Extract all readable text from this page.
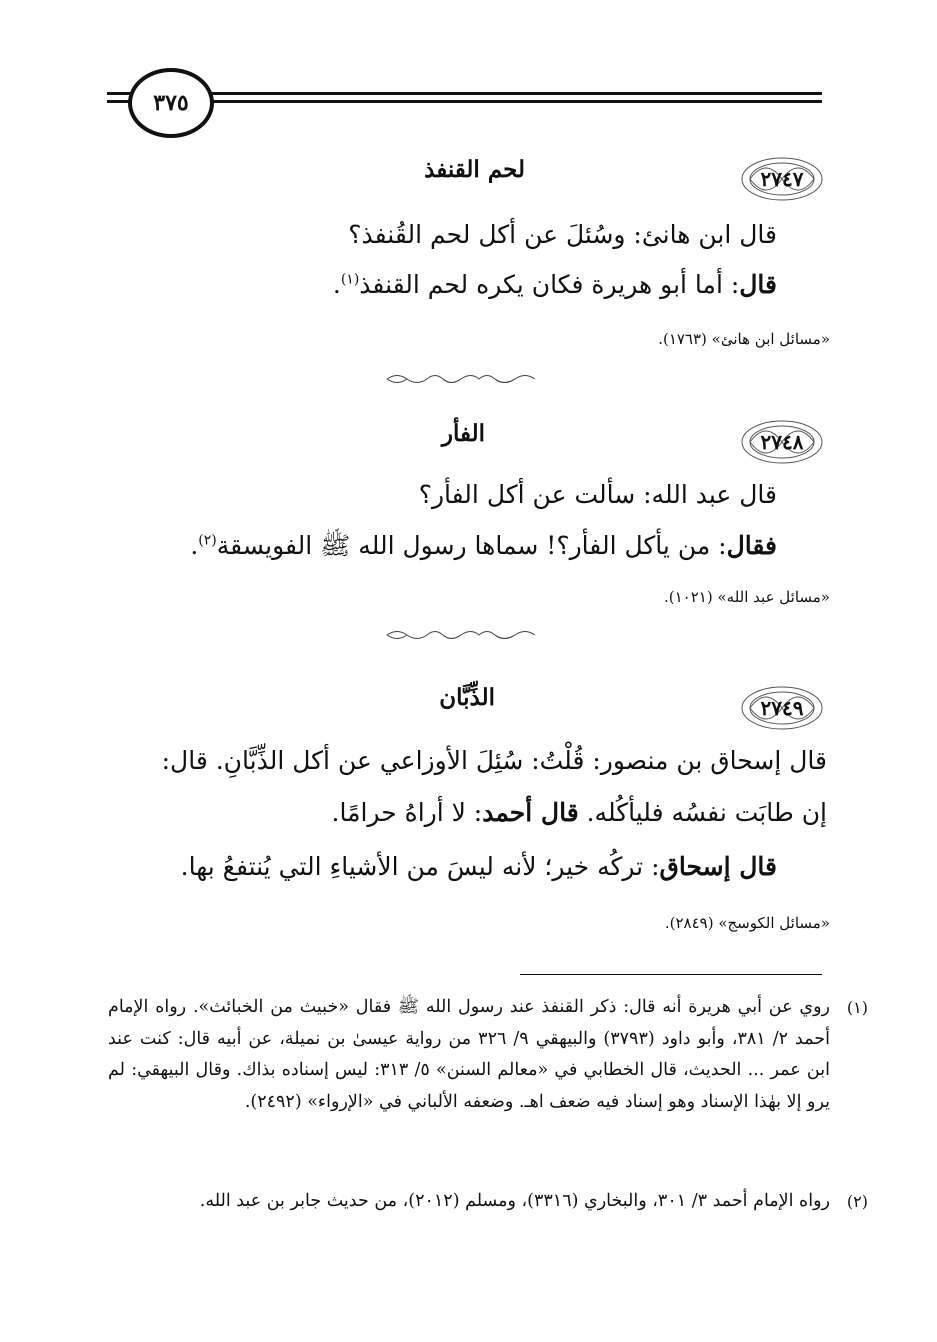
٣٧٥
٢٧٤٧
لحم القنفذ
قال ابن هانئ: وسُئلَ عن أكل لحم القُنفذ؟
قال: أما أبو هريرة فكان يكره لحم القنفذ$^{(١)}$.
«مسائل ابن هانئ» (١٧٦٣).
٢٧٤٨
الفأر
قال عبد الله: سألت عن أكل الفأر؟
فقال: من يأكل الفأر؟! سماها رسول الله ﷺ الفويسقة$^{(٢)}$.
«مسائل عبد الله» (١٠٢١).
٢٧٤٩
الذِّبَّان
قال إسحاق بن منصور: قُلْتُ: سُئِلَ الأوزاعي عن أكل الذِّبَّانِ. قال:
إن طابَت نفسُه فليأكُله. قال أحمد: لا أراهُ حرامًا.
قال إسحاق: تركُه خير؛ لأنه ليسَ من الأشياءِ التي يُنتفعُ بها.
«مسائل الكوسج» (٢٨٤٩).
(١)
روي عن أبي هريرة أنه قال: ذكر القنفذ عند رسول الله ﷺ فقال «خبيث من الخبائث». رواه الإمام أحمد ٢/ ٣٨١، وأبو داود (٣٧٩٣) والبيهقي ٩/ ٣٢٦ من رواية عيسىٰ بن نميلة، عن أبيه قال: كنت عند ابن عمر ... الحديث، قال الخطابي في «معالم السنن» ٥/ ٣١٣: ليس إسناده بذاك. وقال البيهقي: لم يرو إلا بهٰذا الإسناد وهو إسناد فيه ضعف اهـ. وضعفه الألباني في «الإرواء» (٢٤٩٢).
(٢)
رواه الإمام أحمد ٣/ ٣٠١، والبخاري (٣٣١٦)، ومسلم (٢٠١٢)، من حديث جابر بن عبد الله.
